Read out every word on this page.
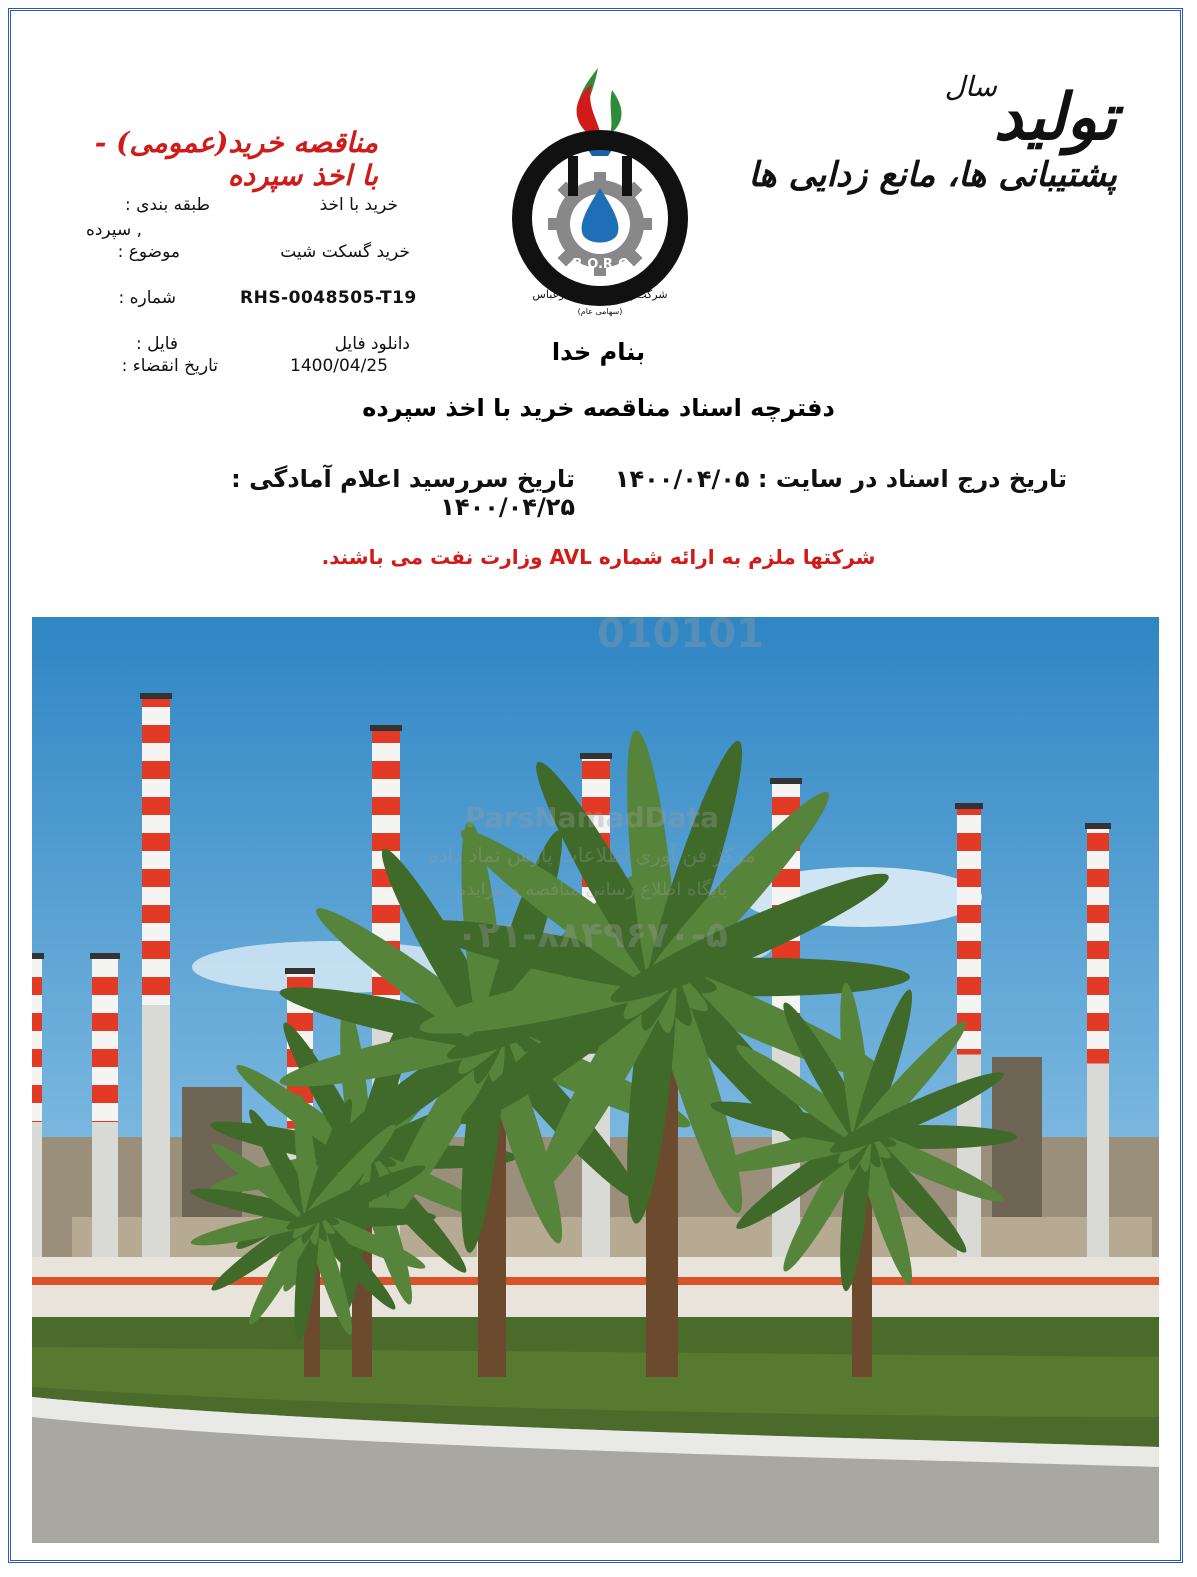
سال
تولید
پشتیبانی ها، مانع زدایی ها
مناقصه خرید(عمومی) - با اخذ سپرده
B.O.R.C
شرکت پالایش نفت بندرعباس
(سهامی عام)
طبقه بندی :	خرید با اخذ
, سپرده
موضوع :	خرید گسکت شیت
شماره :	RHS-0048505-T19
فایل :	دانلود فایل
تاریخ انقضاء :	1400/04/25	بنام خدا
دفترچه اسناد مناقصه خرید با اخذ سپرده
تاریخ درج اسناد در سایت : ۱۴۰۰/۰۴/۰۵
تاریخ سررسید اعلام آمادگی : ۱۴۰۰/۰۴/۲۵
شرکتها ملزم به ارائه شماره AVL وزارت نفت می باشند.
010101
ParsNamadData
مرکز فن آوری اطلاعات پارس نماد داده
پایگاه اطلاع رسانی مناقصه و مزایده
۰۲۱-۸۸۴۹۶۷۰-۵
